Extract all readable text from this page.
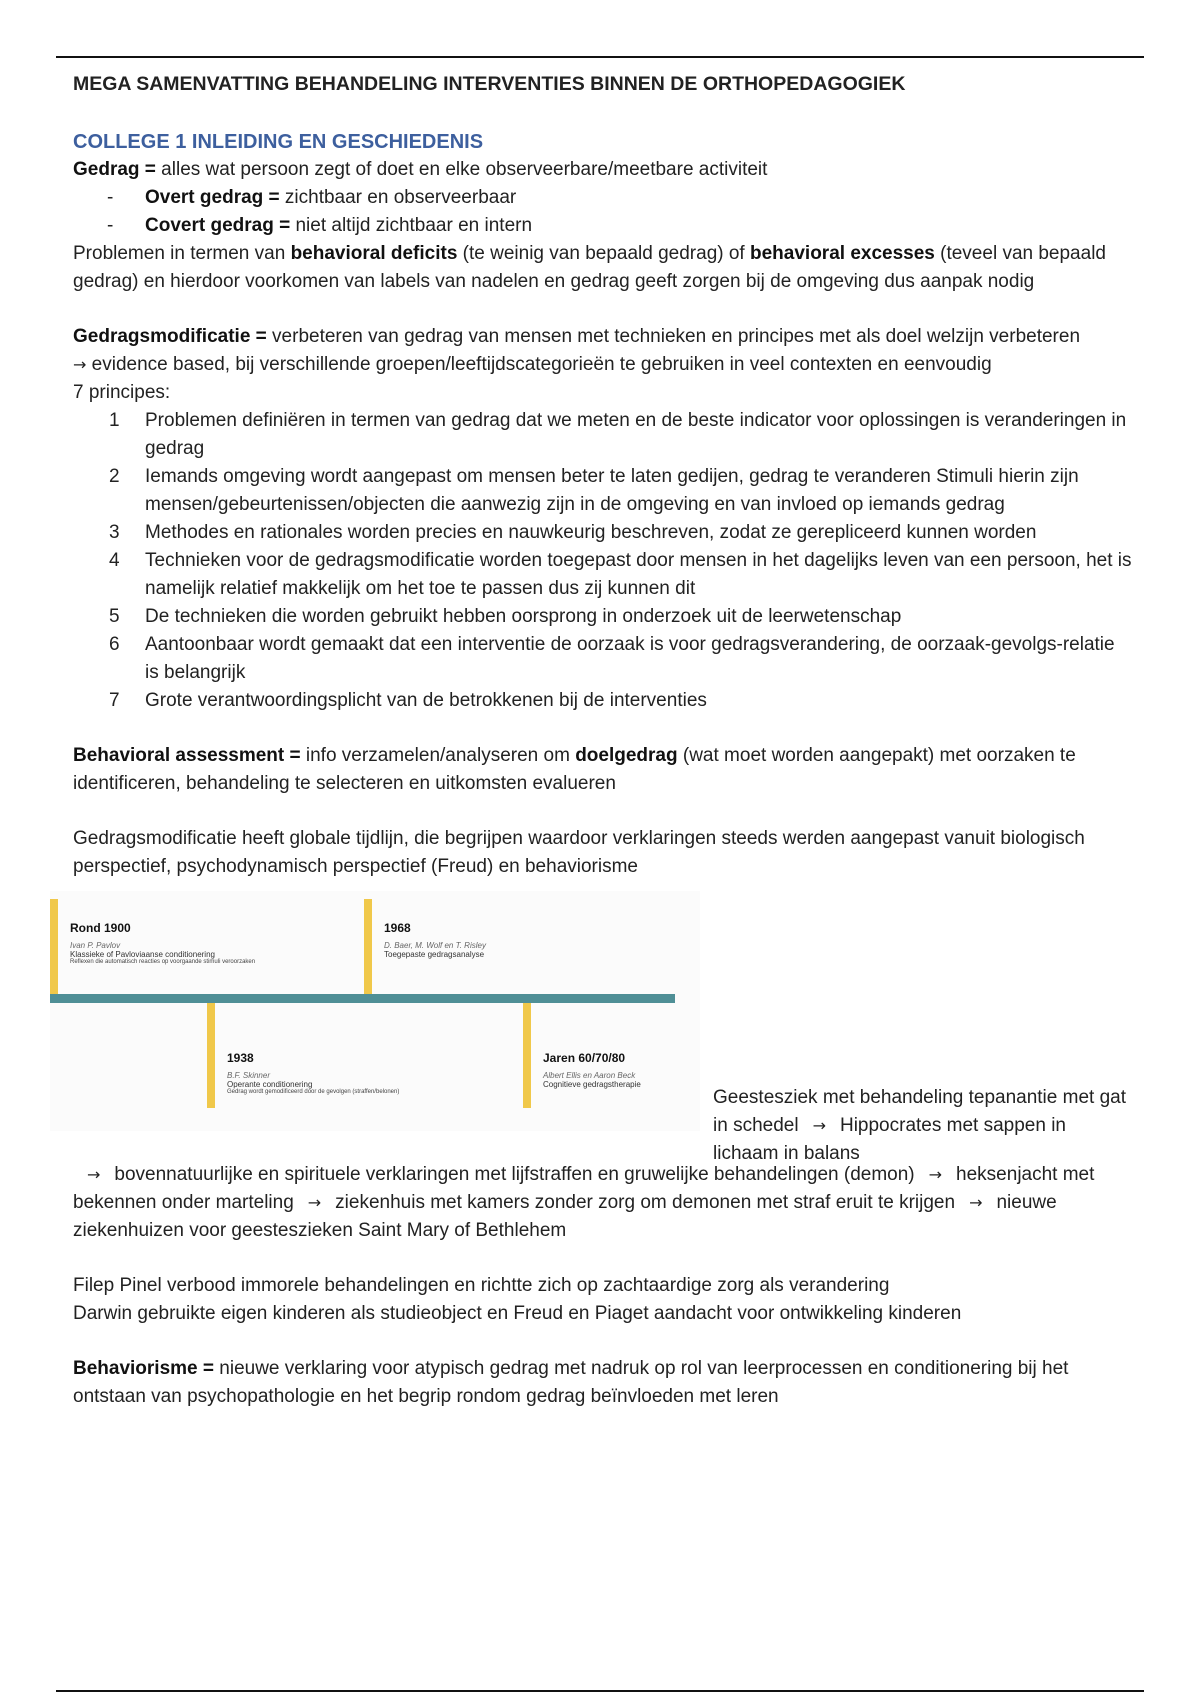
MEGA SAMENVATTING BEHANDELING INTERVENTIES BINNEN DE ORTHOPEDAGOGIEK

COLLEGE 1 INLEIDING EN GESCHIEDENIS

Gedrag = alles wat persoon zegt of doet en elke observeerbare/meetbare activiteit

- Overt gedrag = zichtbaar en observeerbaar
- Covert gedrag = niet altijd zichtbaar en intern

Problemen in termen van behavioral deficits (te weinig van bepaald gedrag) of behavioral excesses (teveel van bepaald gedrag) en hierdoor voorkomen van labels van nadelen en gedrag geeft zorgen bij de omgeving dus aanpak nodig

Gedragsmodificatie = verbeteren van gedrag van mensen met technieken en principes met als doel welzijn verbeteren

→ evidence based, bij verschillende groepen/leeftijdscategorieën te gebruiken in veel contexten en eenvoudig

7 principes:

1 Problemen definiëren in termen van gedrag dat we meten en de beste indicator voor oplossingen is veranderingen in gedrag
2 Iemands omgeving wordt aangepast om mensen beter te laten gedijen, gedrag te veranderen Stimuli hierin zijn mensen/gebeurtenissen/objecten die aanwezig zijn in de omgeving en van invloed op iemands gedrag
3 Methodes en rationales worden precies en nauwkeurig beschreven, zodat ze gerepliceerd kunnen worden
4 Technieken voor de gedragsmodificatie worden toegepast door mensen in het dagelijks leven van een persoon, het is namelijk relatief makkelijk om het toe te passen dus zij kunnen dit
5 De technieken die worden gebruikt hebben oorsprong in onderzoek uit de leerwetenschap
6 Aantoonbaar wordt gemaakt dat een interventie de oorzaak is voor gedragsverandering, de oorzaak-gevolgs-relatie is belangrijk
7 Grote verantwoordingsplicht van de betrokkenen bij de interventies

Behavioral assessment = info verzamelen/analyseren om doelgedrag (wat moet worden aangepakt) met oorzaken te identificeren, behandeling te selecteren en uitkomsten evalueren

Gedragsmodificatie heeft globale tijdlijn, die begrijpen waardoor verklaringen steeds werden aangepast vanuit biologisch perspectief, psychodynamisch perspectief (Freud) en behaviorisme

Rond 1900
Ivan P. Pavlov
Klassieke of Pavloviaanse conditionering
Reflexen die automatisch reacties op voorgaande stimuli veroorzaken
1968
D. Baer, M. Wolf en T. Risley
Toegepaste gedragsanalyse
1938
B.F. Skinner
Operante conditionering
Gedrag wordt gemodificeerd door de gevolgen (straffen/belonen)
Jaren 60/70/80
Albert Ellis en Aaron Beck
Cognitieve gedragstherapie
Geestesziek met behandeling tepanantie met gat in schedel → Hippocrates met sappen in lichaam in balans

→ bovennatuurlijke en spirituele verklaringen met lijfstraffen en gruwelijke behandelingen (demon) → heksenjacht met bekennen onder marteling → ziekenhuis met kamers zonder zorg om demonen met straf eruit te krijgen → nieuwe ziekenhuizen voor geesteszieken Saint Mary of Bethlehem

Filep Pinel verbood immorele behandelingen en richtte zich op zachtaardige zorg als verandering

Darwin gebruikte eigen kinderen als studieobject en Freud en Piaget aandacht voor ontwikkeling kinderen

Behaviorisme = nieuwe verklaring voor atypisch gedrag met nadruk op rol van leerprocessen en conditionering bij het ontstaan van psychopathologie en het begrip rondom gedrag beïnvloeden met leren
